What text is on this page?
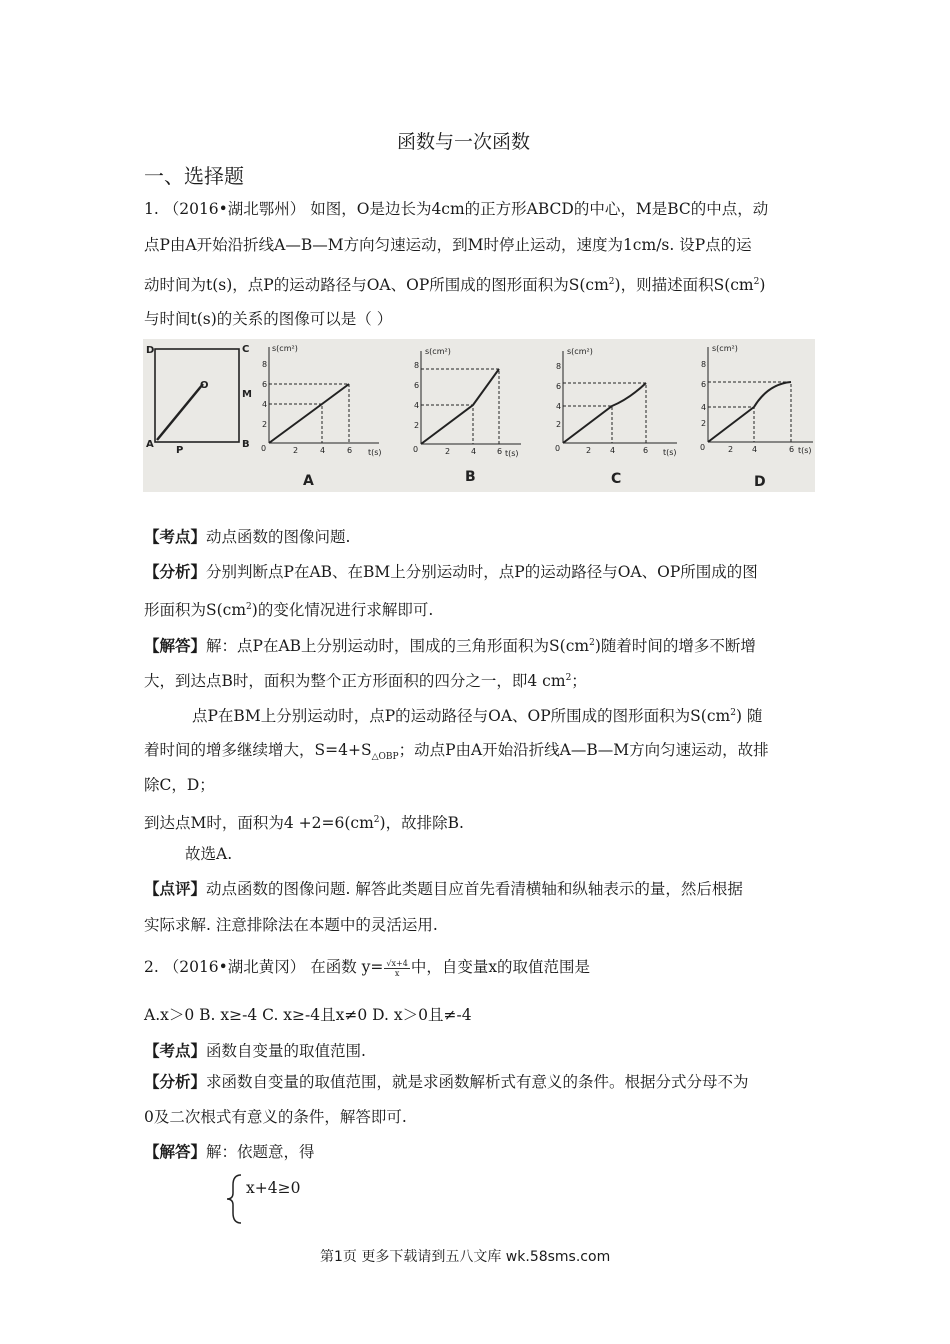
函数与一次函数
一、选择题
1. （2016•湖北鄂州） 如图，O是边长为4cm的正方形ABCD的中心，M是BC的中点，动
点P由A开始沿折线A—B—M方向匀速运动，到M时停止运动，速度为1cm/s. 设P点的运
动时间为t(s)，点P的运动路径与OA、OP所围成的图形面积为$S(cm^2)$，则描述面积$S(cm^2)$
与时间t(s)的关系的图像可以是（ ）
D	C
O
M
A
P
B
s(cm²)
t(s)
0
2
4
6
8
2	4	6
A
s(cm²)
t(s)
0
2
4
6
8
2	4	6
B
s(cm²)
t(s)
0
2
4
6
8
2 4	6
C
s(cm²)
t(s)
0
2
4
6
8
2 4	6
D
【考点】动点函数的图像问题.
【分析】分别判断点P在AB、在BM上分别运动时，点P的运动路径与OA、OP所围成的图
形面积为$S(cm^2)$的变化情况进行求解即可.
【解答】解：点P在AB上分别运动时，围成的三角形面积为$S(cm^2)$随着时间的增多不断增
大，到达点B时，面积为整个正方形面积的四分之一，即4 $cm^2$；
点P在BM上分别运动时，点P的运动路径与OA、OP所围成的图形面积为$S(cm^2)$ 随
着时间的增多继续增大，$S=4+S_{\triangle OBP}$；动点P由A开始沿折线A—B—M方向匀速运动，故排
除C，D；
到达点M时，面积为$4 +2=6(cm^2)$，故排除B.
故选A.
【点评】动点函数的图像问题. 解答此类题目应首先看清横轴和纵轴表示的量，然后根据
实际求解. 注意排除法在本题中的灵活运用.
2. （2016•湖北黄冈） 在函数 $y= \frac{√x+4}{x}$ 中，自变量x的取值范围是
A.x＞0 B. x≥-4 C. x≥-4且x≠0 D. x＞0且≠-4
【考点】函数自变量的取值范围.
【分析】求函数自变量的取值范围，就是求函数解析式有意义的条件。根据分式分母不为
0及二次根式有意义的条件，解答即可.
【解答】解：依题意，得
x+4≥0
第1页 更多下载请到五八文库 wk.58sms.com
